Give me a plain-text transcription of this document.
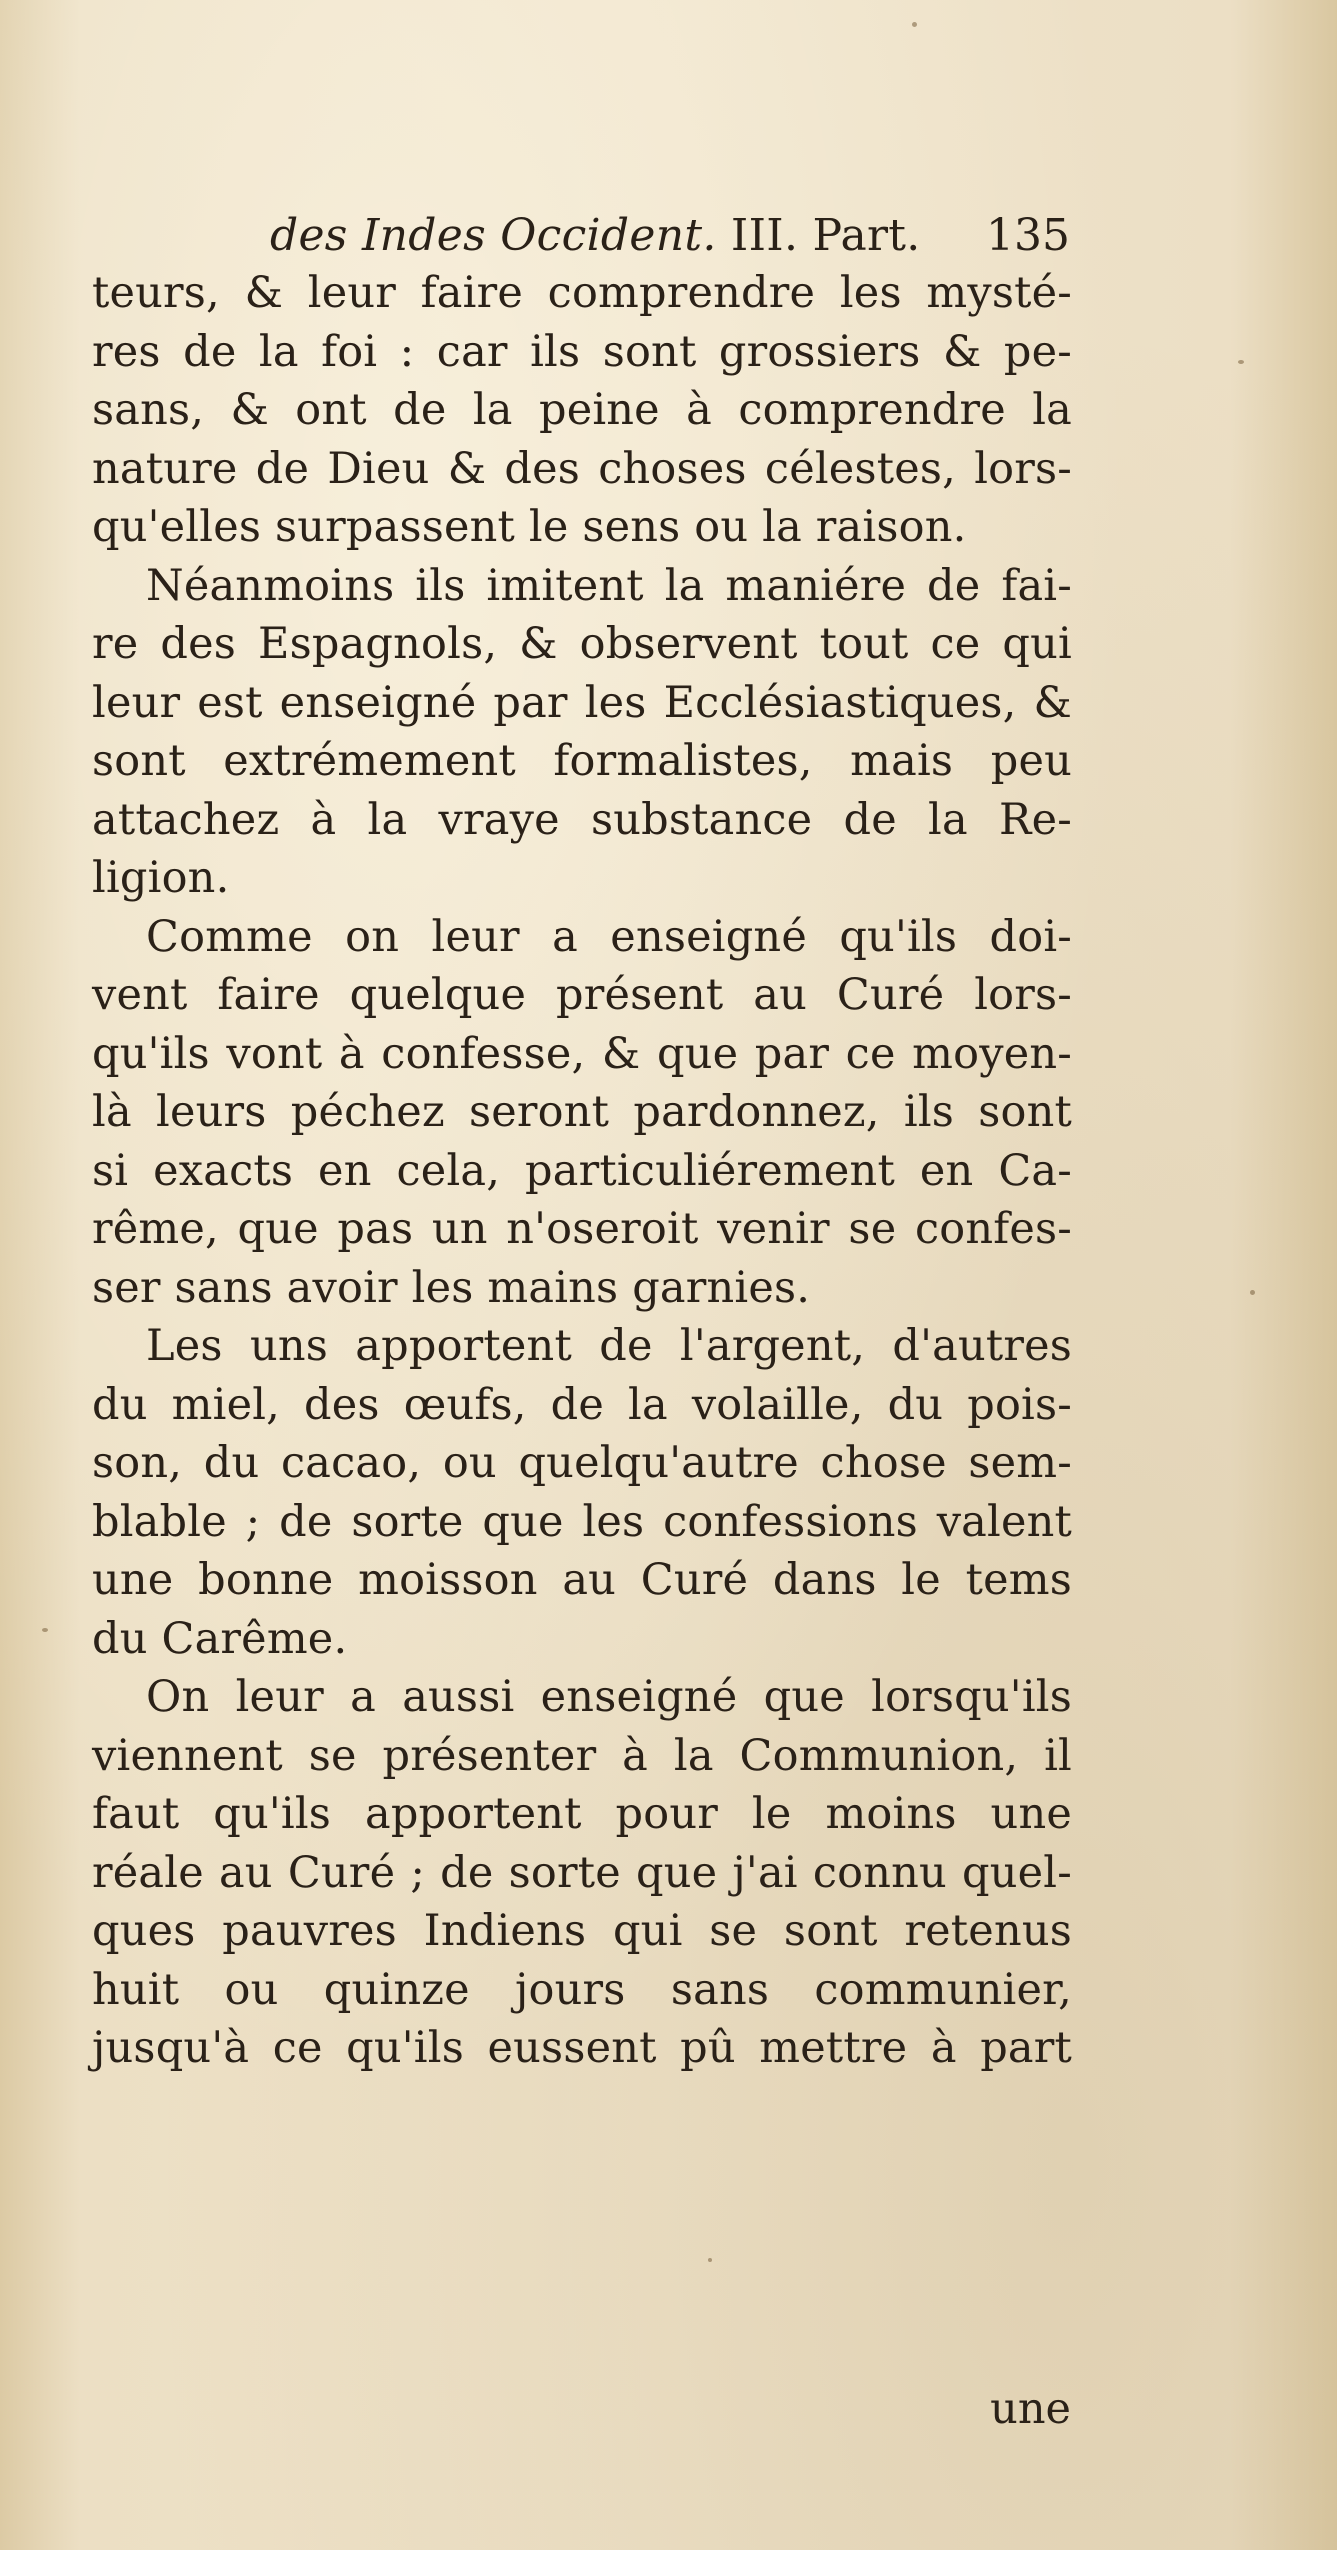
des Indes Occident. III. Part. 135
teurs, & leur faire comprendre les mysté-
res de la foi : car ils sont grossiers & pe-
sans, & ont de la peine à comprendre la
nature de Dieu & des choses célestes, lors-
qu'elles surpassent le sens ou la raison.
Néanmoins ils imitent la maniére de fai-
re des Espagnols, & observent tout ce qui
leur est enseigné par les Ecclésiastiques, &
sont extrémement formalistes, mais peu
attachez à la vraye substance de la Re-
ligion.
Comme on leur a enseigné qu'ils doi-
vent faire quelque présent au Curé lors-
qu'ils vont à confesse, & que par ce moyen-
là leurs péchez seront pardonnez, ils sont
si exacts en cela, particuliérement en Ca-
rême, que pas un n'oseroit venir se confes-
ser sans avoir les mains garnies.
Les uns apportent de l'argent, d'autres
du miel, des œufs, de la volaille, du pois-
son, du cacao, ou quelqu'autre chose sem-
blable ; de sorte que les confessions valent
une bonne moisson au Curé dans le tems
du Carême.
On leur a aussi enseigné que lorsqu'ils
viennent se présenter à la Communion, il
faut qu'ils apportent pour le moins une
réale au Curé ; de sorte que j'ai connu quel-
ques pauvres Indiens qui se sont retenus
huit ou quinze jours sans communier,
jusqu'à ce qu'ils eussent pû mettre à part
une
